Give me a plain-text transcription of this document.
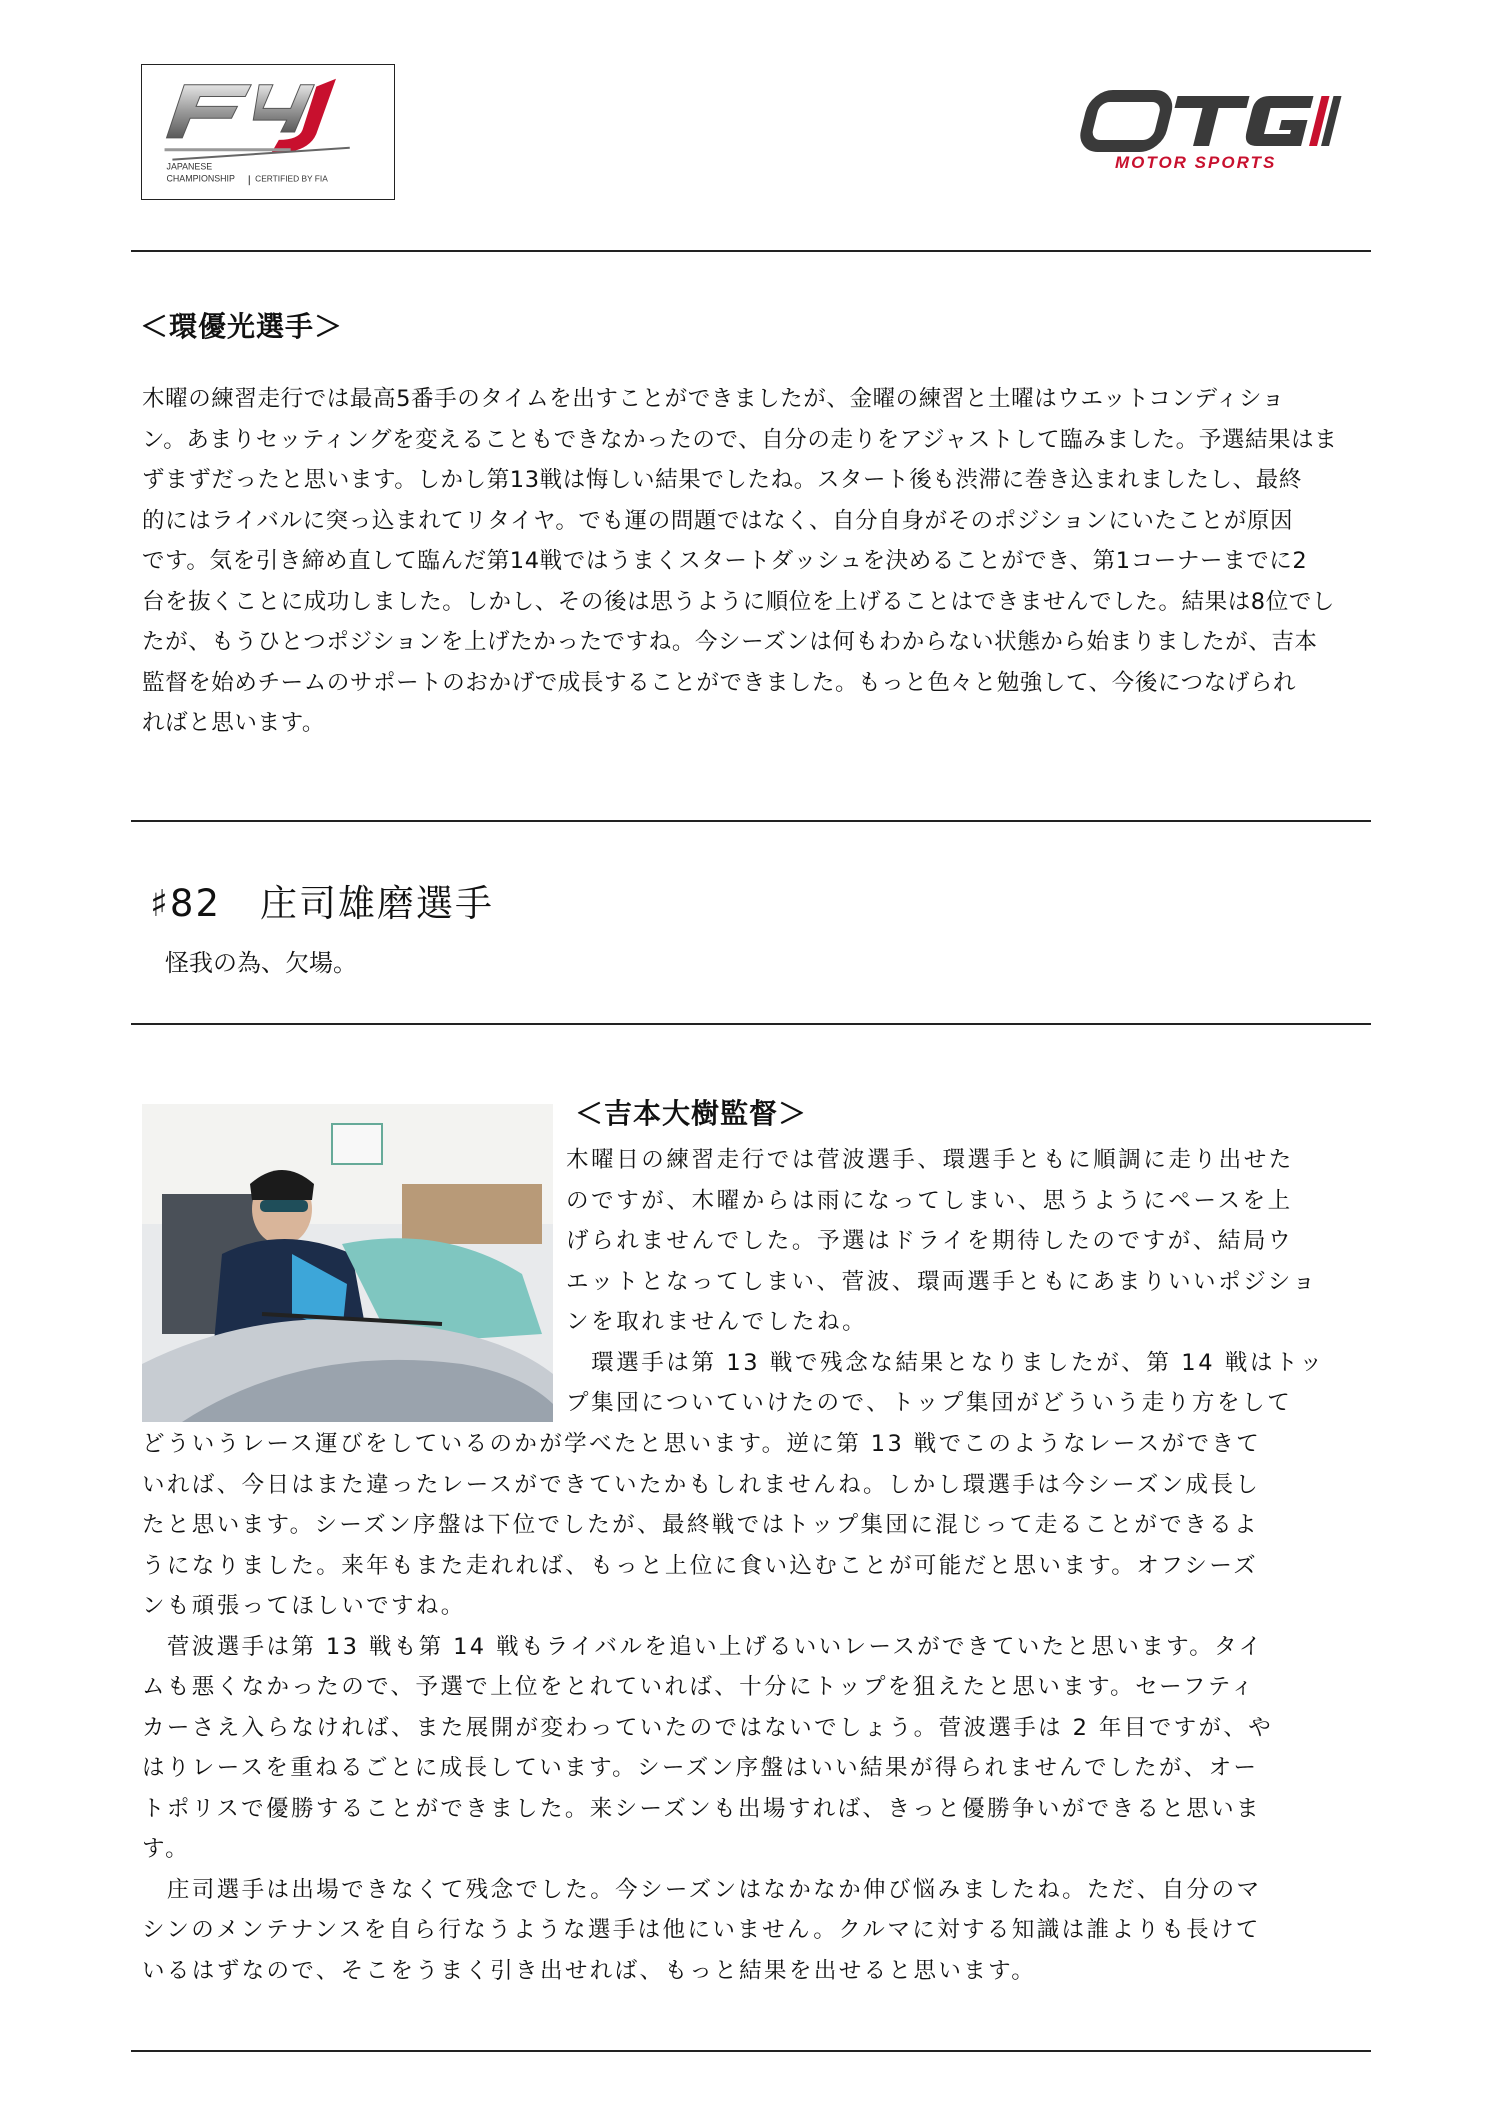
JAPANESE
CHAMPIONSHIP CERTIFIED BY FIA
MOTOR SPORTS
＜環優光選手＞
木曜の練習走行では最高5番手のタイムを出すことができましたが、金曜の練習と土曜はウエットコンディショ
ン。あまりセッティングを変えることもできなかったので、自分の走りをアジャストして臨みました。予選結果はま
ずまずだったと思います。しかし第13戦は悔しい結果でしたね。スタート後も渋滞に巻き込まれましたし、最終
的にはライバルに突っ込まれてリタイヤ。でも運の問題ではなく、自分自身がそのポジションにいたことが原因
です。気を引き締め直して臨んだ第14戦ではうまくスタートダッシュを決めることができ、第1コーナーまでに2
台を抜くことに成功しました。しかし、その後は思うように順位を上げることはできませんでした。結果は8位でし
たが、もうひとつポジションを上げたかったですね。今シーズンは何もわからない状態から始まりましたが、吉本
監督を始めチームのサポートのおかげで成長することができました。もっと色々と勉強して、今後につなげられ
ればと思います。
♯82　庄司雄磨選手
怪我の為、欠場。
＜吉本大樹監督＞
木曜日の練習走行では菅波選手、環選手ともに順調に走り出せた
のですが、木曜からは雨になってしまい、思うようにペースを上
げられませんでした。予選はドライを期待したのですが、結局ウ
エットとなってしまい、菅波、環両選手ともにあまりいいポジショ
ンを取れませんでしたね。
　環選手は第 13 戦で残念な結果となりましたが、第 14 戦はトッ
プ集団についていけたので、トップ集団がどういう走り方をして
どういうレース運びをしているのかが学べたと思います。逆に第 13 戦でこのようなレースができて
いれば、今日はまた違ったレースができていたかもしれませんね。しかし環選手は今シーズン成長し
たと思います。シーズン序盤は下位でしたが、最終戦ではトップ集団に混じって走ることができるよ
うになりました。来年もまた走れれば、もっと上位に食い込むことが可能だと思います。オフシーズ
ンも頑張ってほしいですね。
　菅波選手は第 13 戦も第 14 戦もライバルを追い上げるいいレースができていたと思います。タイ
ムも悪くなかったので、予選で上位をとれていれば、十分にトップを狙えたと思います。セーフティ
カーさえ入らなければ、また展開が変わっていたのではないでしょう。菅波選手は 2 年目ですが、や
はりレースを重ねるごとに成長しています。シーズン序盤はいい結果が得られませんでしたが、オー
トポリスで優勝することができました。来シーズンも出場すれば、きっと優勝争いができると思いま
す。
　庄司選手は出場できなくて残念でした。今シーズンはなかなか伸び悩みましたね。ただ、自分のマ
シンのメンテナンスを自ら行なうような選手は他にいません。クルマに対する知識は誰よりも長けて
いるはずなので、そこをうまく引き出せれば、もっと結果を出せると思います。
